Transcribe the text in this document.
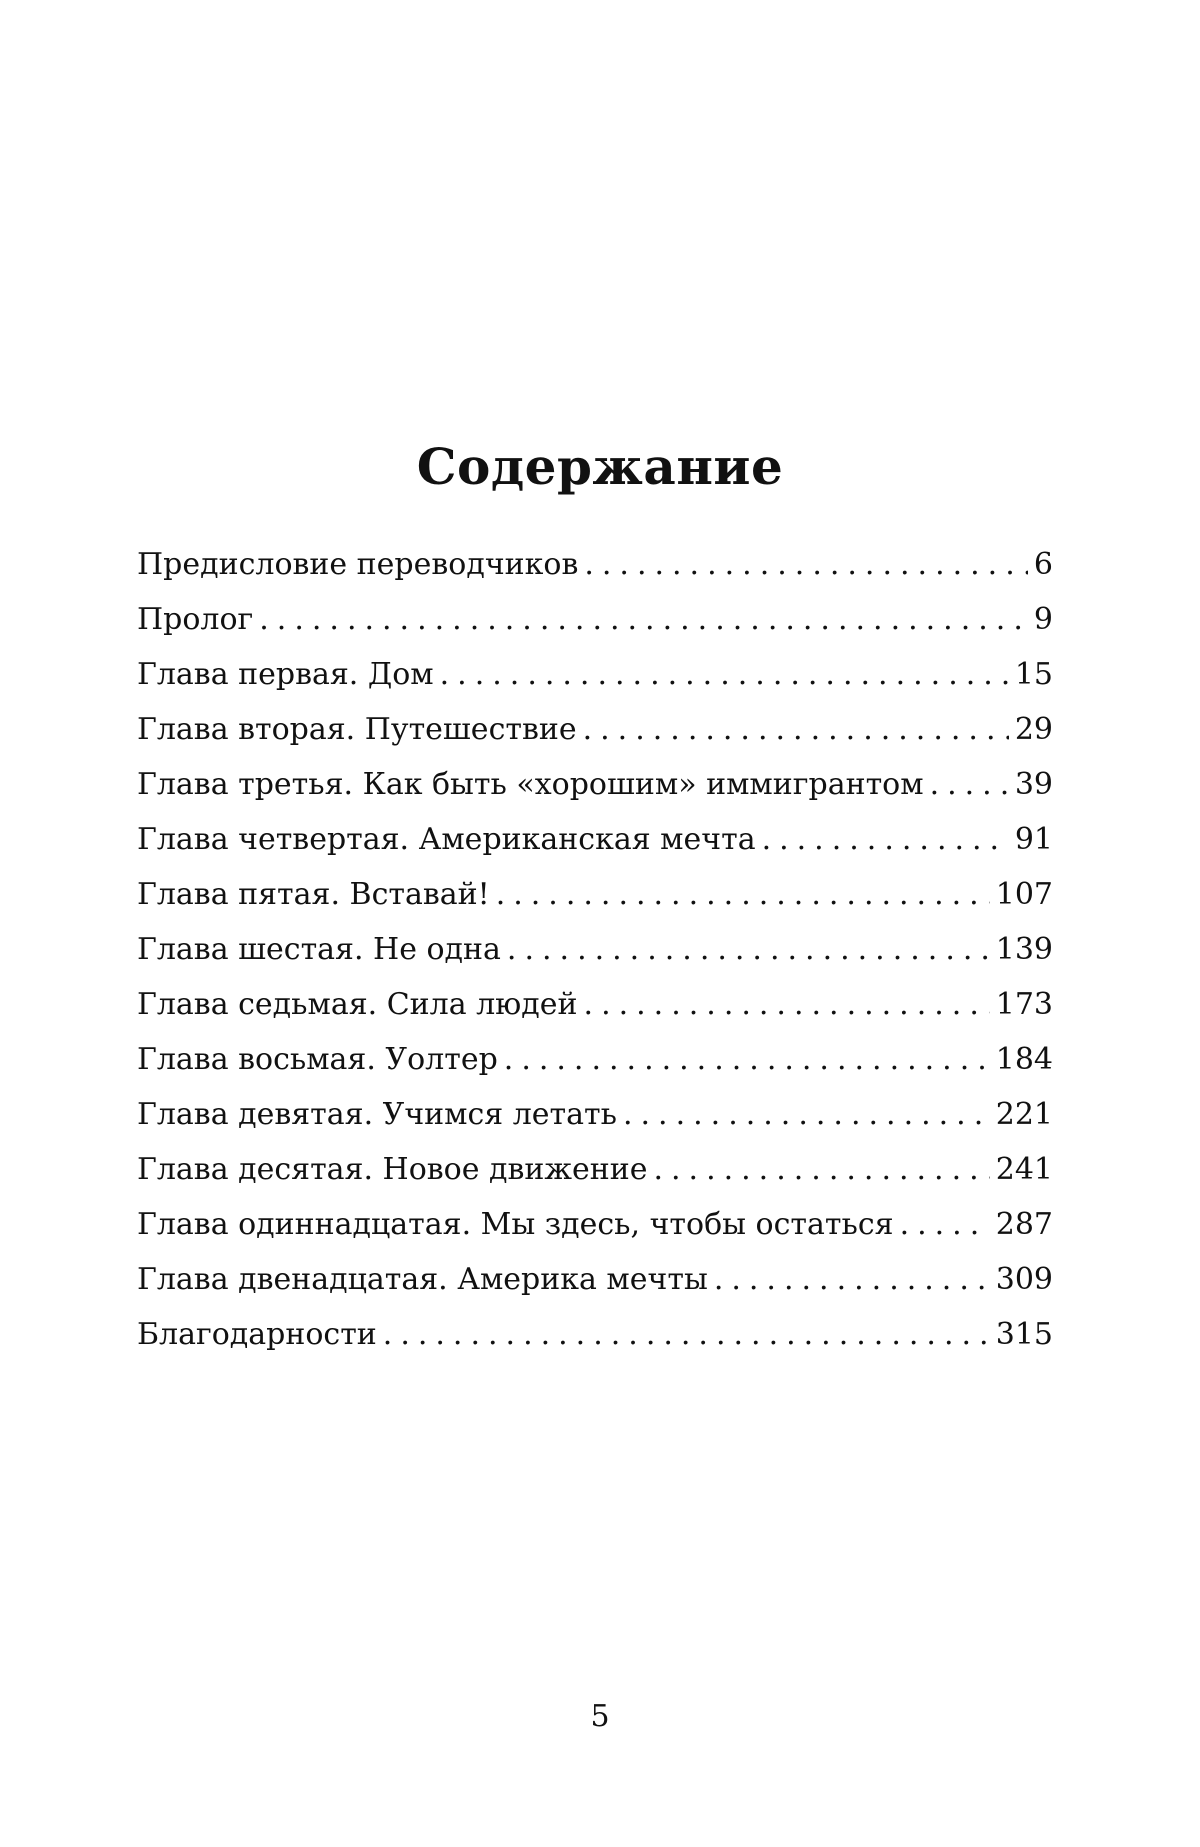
Содержание
Предисловие переводчиков .....	6
Пролог .....	9
Глава первая. Дом .....	15
Глава вторая. Путешествие .....	29
Глава третья. Как быть «хорошим» иммигрантом .....	39
Глава четвертая. Американская мечта .....	91
Глава пятая. Вставай! .....	107
Глава шестая. Не одна .....	139
Глава седьмая. Сила людей .....	173
Глава восьмая. Уолтер .....	184
Глава девятая. Учимся летать .....	221
Глава десятая. Новое движение .....	241
Глава одиннадцатая. Мы здесь, чтобы остаться .....	287
Глава двенадцатая. Америка мечты .....	309
Благодарности .....	315
5
